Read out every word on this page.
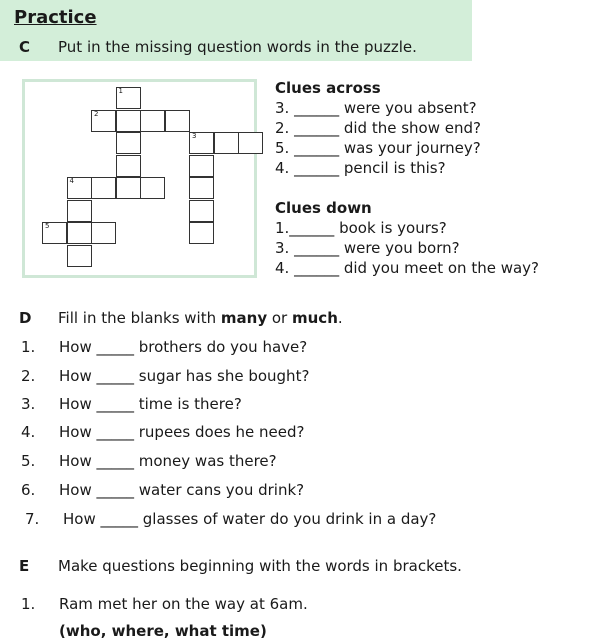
Practice
C Put in the missing question words in the puzzle.
1
2
3
4
5
Clues across
3. ______ were you absent?
2. ______ did the show end?
5. ______ was your journey?
4. ______ pencil is this?
Clues down
1.______ book is yours?
3. ______ were you born?
4. ______ did you meet on the way?
D Fill in the blanks with many or much.
1. How _____ brothers do you have?
2. How _____ sugar has she bought?
3. How _____ time is there?
4. How _____ rupees does he need?
5. How _____ money was there?
6. How _____ water cans you drink?
7. How _____ glasses of water do you drink in a day?
E Make questions beginning with the words in brackets.
1. Ram met her on the way at 6am.
(who, where, what time)
